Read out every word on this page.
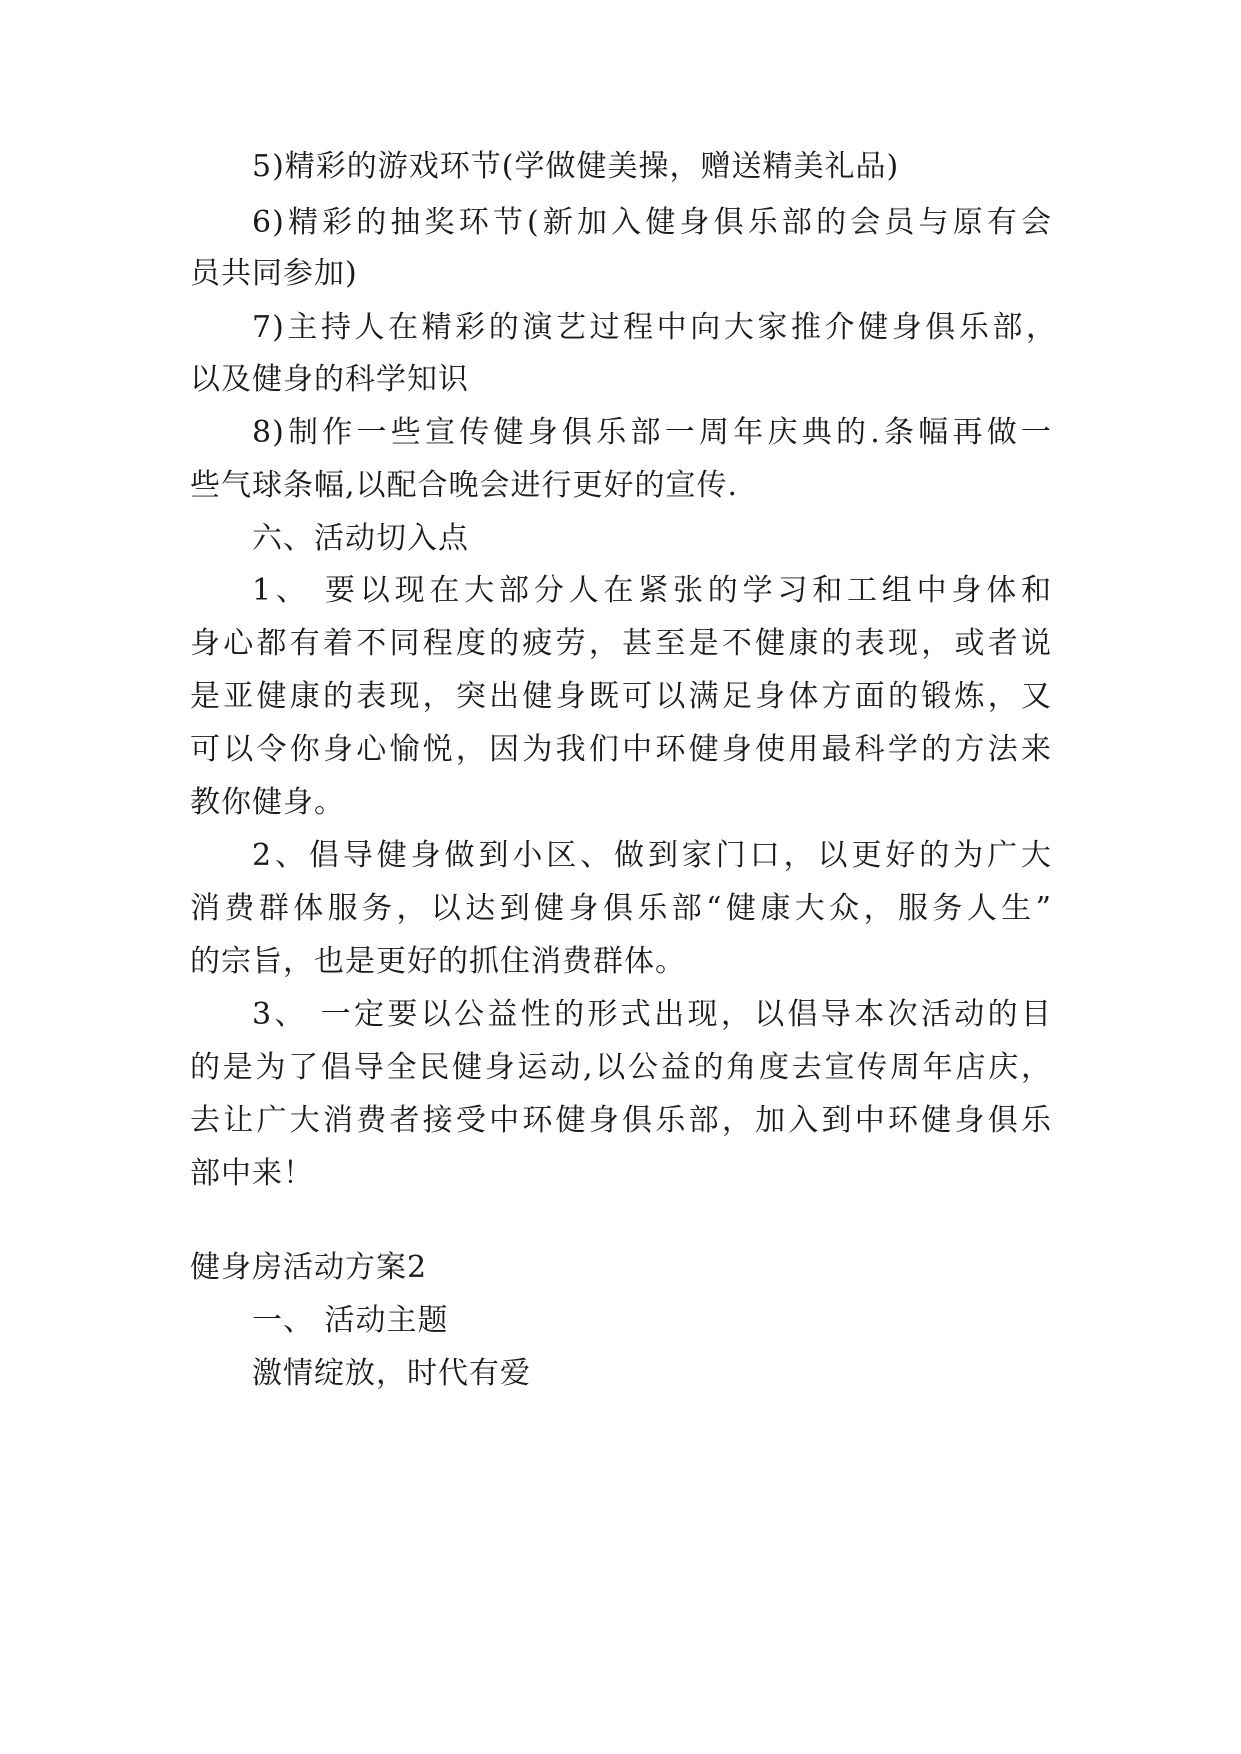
5)精彩的游戏环节(学做健美操，赠送精美礼品)
6)精彩的抽奖环节(新加入健身俱乐部的会员与原有会
员共同参加)
7)主持人在精彩的演艺过程中向大家推介健身俱乐部，
以及健身的科学知识
8)制作一些宣传健身俱乐部一周年庆典的.条幅再做一
些气球条幅,以配合晚会进行更好的宣传.
六、活动切入点
1、 要以现在大部分人在紧张的学习和工组中身体和
身心都有着不同程度的疲劳，甚至是不健康的表现，或者说
是亚健康的表现，突出健身既可以满足身体方面的锻炼，又
可以令你身心愉悦，因为我们中环健身使用最科学的方法来
教你健身。
2、倡导健身做到小区、做到家门口，以更好的为广大
消费群体服务，以达到健身俱乐部“健康大众，服务人生”
的宗旨，也是更好的抓住消费群体。
3、 一定要以公益性的形式出现，以倡导本次活动的目
的是为了倡导全民健身运动,以公益的角度去宣传周年店庆，
去让广大消费者接受中环健身俱乐部，加入到中环健身俱乐
部中来！
健身房活动方案2
一、 活动主题
激情绽放，时代有爱
